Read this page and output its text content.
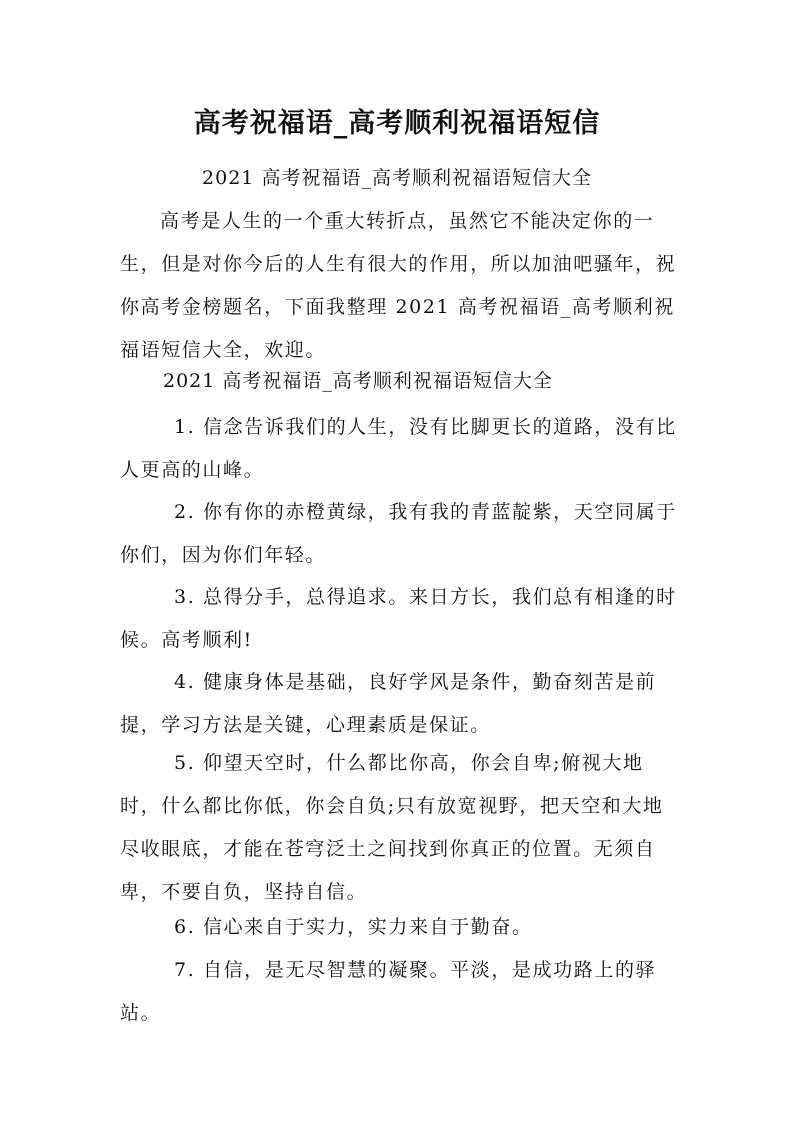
高考祝福语_高考顺利祝福语短信
2021 高考祝福语_高考顺利祝福语短信大全

高考是人生的一个重大转折点，虽然它不能决定你的一生，但是对你今后的人生有很大的作用，所以加油吧骚年，祝你高考金榜题名，下面我整理 2021 高考祝福语_高考顺利祝福语短信大全，欢迎。

2021 高考祝福语_高考顺利祝福语短信大全

1. 信念告诉我们的人生，没有比脚更长的道路，没有比人更高的山峰。

2. 你有你的赤橙黄绿，我有我的青蓝靛紫，天空同属于你们，因为你们年轻。

3. 总得分手，总得追求。来日方长，我们总有相逢的时候。高考顺利!

4. 健康身体是基础，良好学风是条件，勤奋刻苦是前提，学习方法是关键，心理素质是保证。

5. 仰望天空时，什么都比你高，你会自卑;俯视大地时，什么都比你低，你会自负;只有放宽视野，把天空和大地尽收眼底，才能在苍穹泛土之间找到你真正的位置。无须自卑，不要自负，坚持自信。

6. 信心来自于实力，实力来自于勤奋。

7. 自信，是无尽智慧的凝聚。平淡，是成功路上的驿站。
